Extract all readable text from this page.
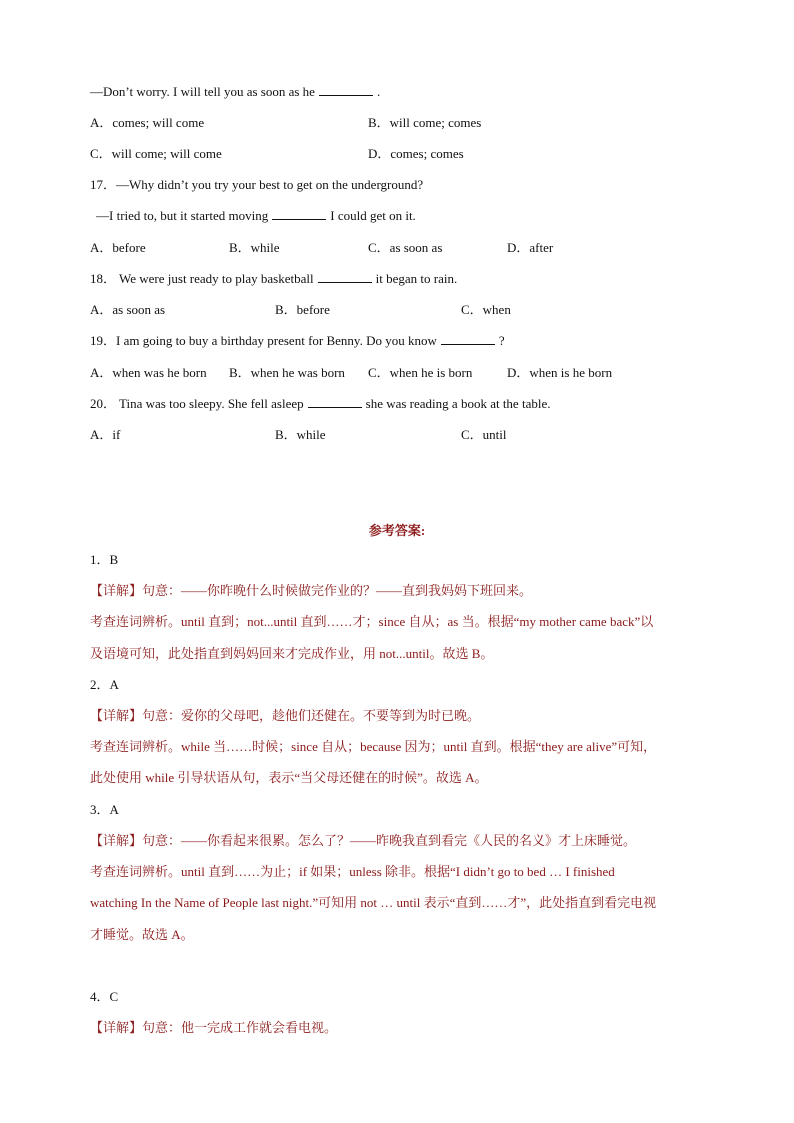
—Don’t worry. I will tell you as soon as he	.
A．comes; will come	B．will come; comes
C．will come; will come	D．comes; comes
17．—Why didn’t you try your best to get on the underground?
—I tried to, but it started moving	I could get on it.
A．before	B．while	C．as soon as	D．after
18． We were just ready to play basketball	it began to rain.
A．as soon as	B．before	C．when
19．I am going to buy a birthday present for Benny. Do you know	?
A．when was he born B．when he was born C．when he is born	D．when is he born
20． Tina was too sleepy. She fell asleep	she was reading a book at the table.
A．if	B．while	C．until
参考答案:
1．B
【详解】句意：——你昨晚什么时候做完作业的？——直到我妈妈下班回来。
考查连词辨析。until 直到；not...until 直到……才；since 自从；as 当。根据“my mother came back”以
及语境可知，此处指直到妈妈回来才完成作业，用 not...until。故选 B。
2．A
【详解】句意：爱你的父母吧，趁他们还健在。不要等到为时已晚。
考查连词辨析。while 当……时候；since 自从；because 因为；until 直到。根据“they are alive”可知，
此处使用 while 引导状语从句，表示“当父母还健在的时候”。故选 A。
3．A
【详解】句意：——你看起来很累。怎么了？——昨晚我直到看完《人民的名义》才上床睡觉。
考查连词辨析。until 直到……为止；if 如果；unless 除非。根据“I didn’t go to bed … I finished
watching In the Name of People last night.”可知用 not … until 表示“直到……才”，此处指直到看完电视
才睡觉。故选 A。
4．C
【详解】句意：他一完成工作就会看电视。
